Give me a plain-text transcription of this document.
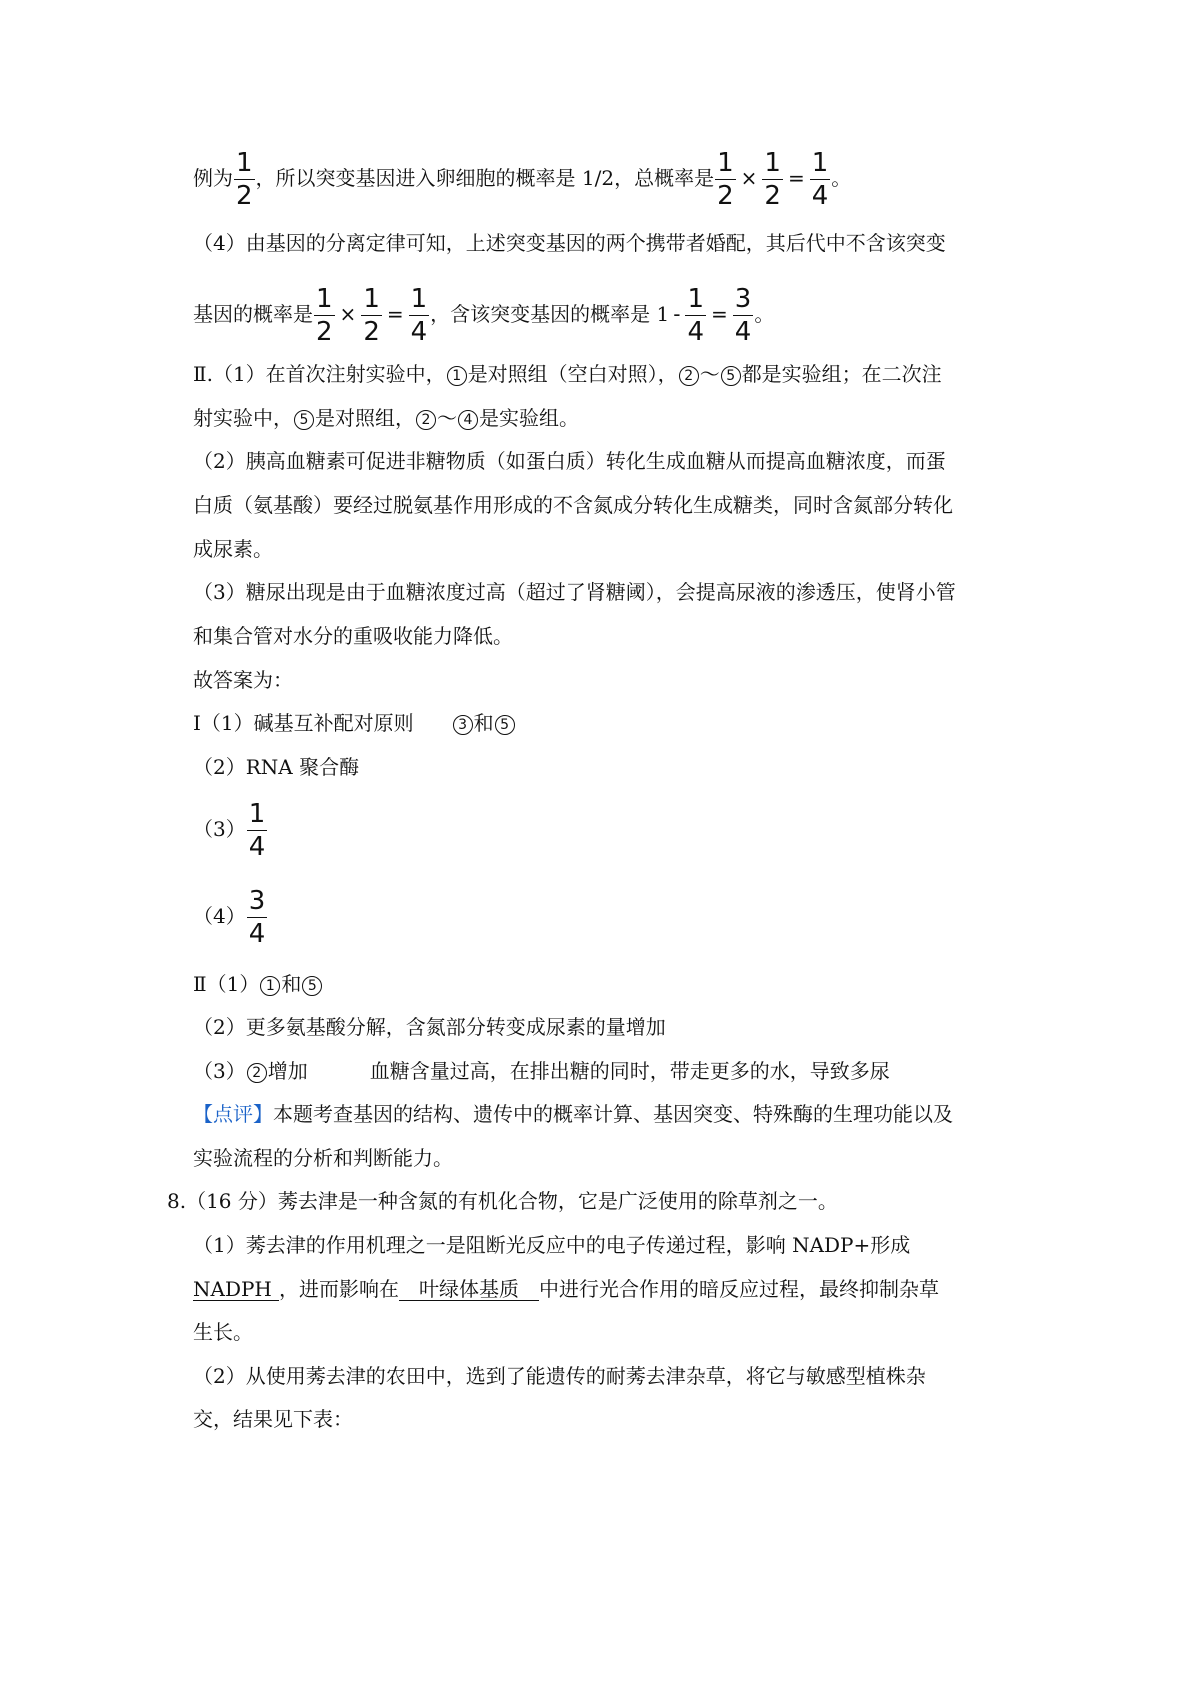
例为 $\frac{1}{2}$ ，所以突变基因进入卵细胞的概率是 1/2，总概率是 $\frac{1}{2} \times \frac{1}{2} = \frac{1}{4}$ 。
（4）由基因的分离定律可知，上述突变基因的两个携带者婚配，其后代中不含该突变
基因的概率是 $\frac{1}{2} \times \frac{1}{2} = \frac{1}{4}$ ，含该突变基因的概率是 $1 - \frac{1}{4} = \frac{3}{4}$ 。
Ⅱ.（1）在首次注射实验中， 1 是对照组（空白对照）， 2 ～ 5 都是实验组；在二次注
射实验中， 5 是对照组， 2 ～ 4 是实验组。
（2）胰高血糖素可促进非糖物质（如蛋白质）转化生成血糖从而提高血糖浓度，而蛋
白质（氨基酸）要经过脱氨基作用形成的不含氮成分转化生成糖类，同时含氮部分转化
成尿素。
（3）糖尿出现是由于血糖浓度过高（超过了肾糖阈），会提高尿液的渗透压，使肾小管
和集合管对水分的重吸收能力降低。
故答案为：
Ⅰ（1）碱基互补配对原则	3 和 5
（2）RNA 聚合酶
$(3) \frac{1}{4}$
$(4) \frac{3}{4}$
Ⅱ（1） 1 和 5
（2）更多氨基酸分解，含氮部分转变成尿素的量增加
（3） 2 增加	血糖含量过高，在排出糖的同时，带走更多的水，导致多尿
【点评】本题考查基因的结构、遗传中的概率计算、基因突变、特殊酶的生理功能以及
实验流程的分析和判断能力。
8.（16 分）莠去津是一种含氮的有机化合物，它是广泛使用的除草剂之一。
（1）莠去津的作用机理之一是阻断光反应中的电子传递过程，影响 NADP+形成
NADPH ，进而影响在 叶绿体基质 中进行光合作用的暗反应过程，最终抑制杂草
生长。
（2）从使用莠去津的农田中，选到了能遗传的耐莠去津杂草，将它与敏感型植株杂
交，结果见下表：
